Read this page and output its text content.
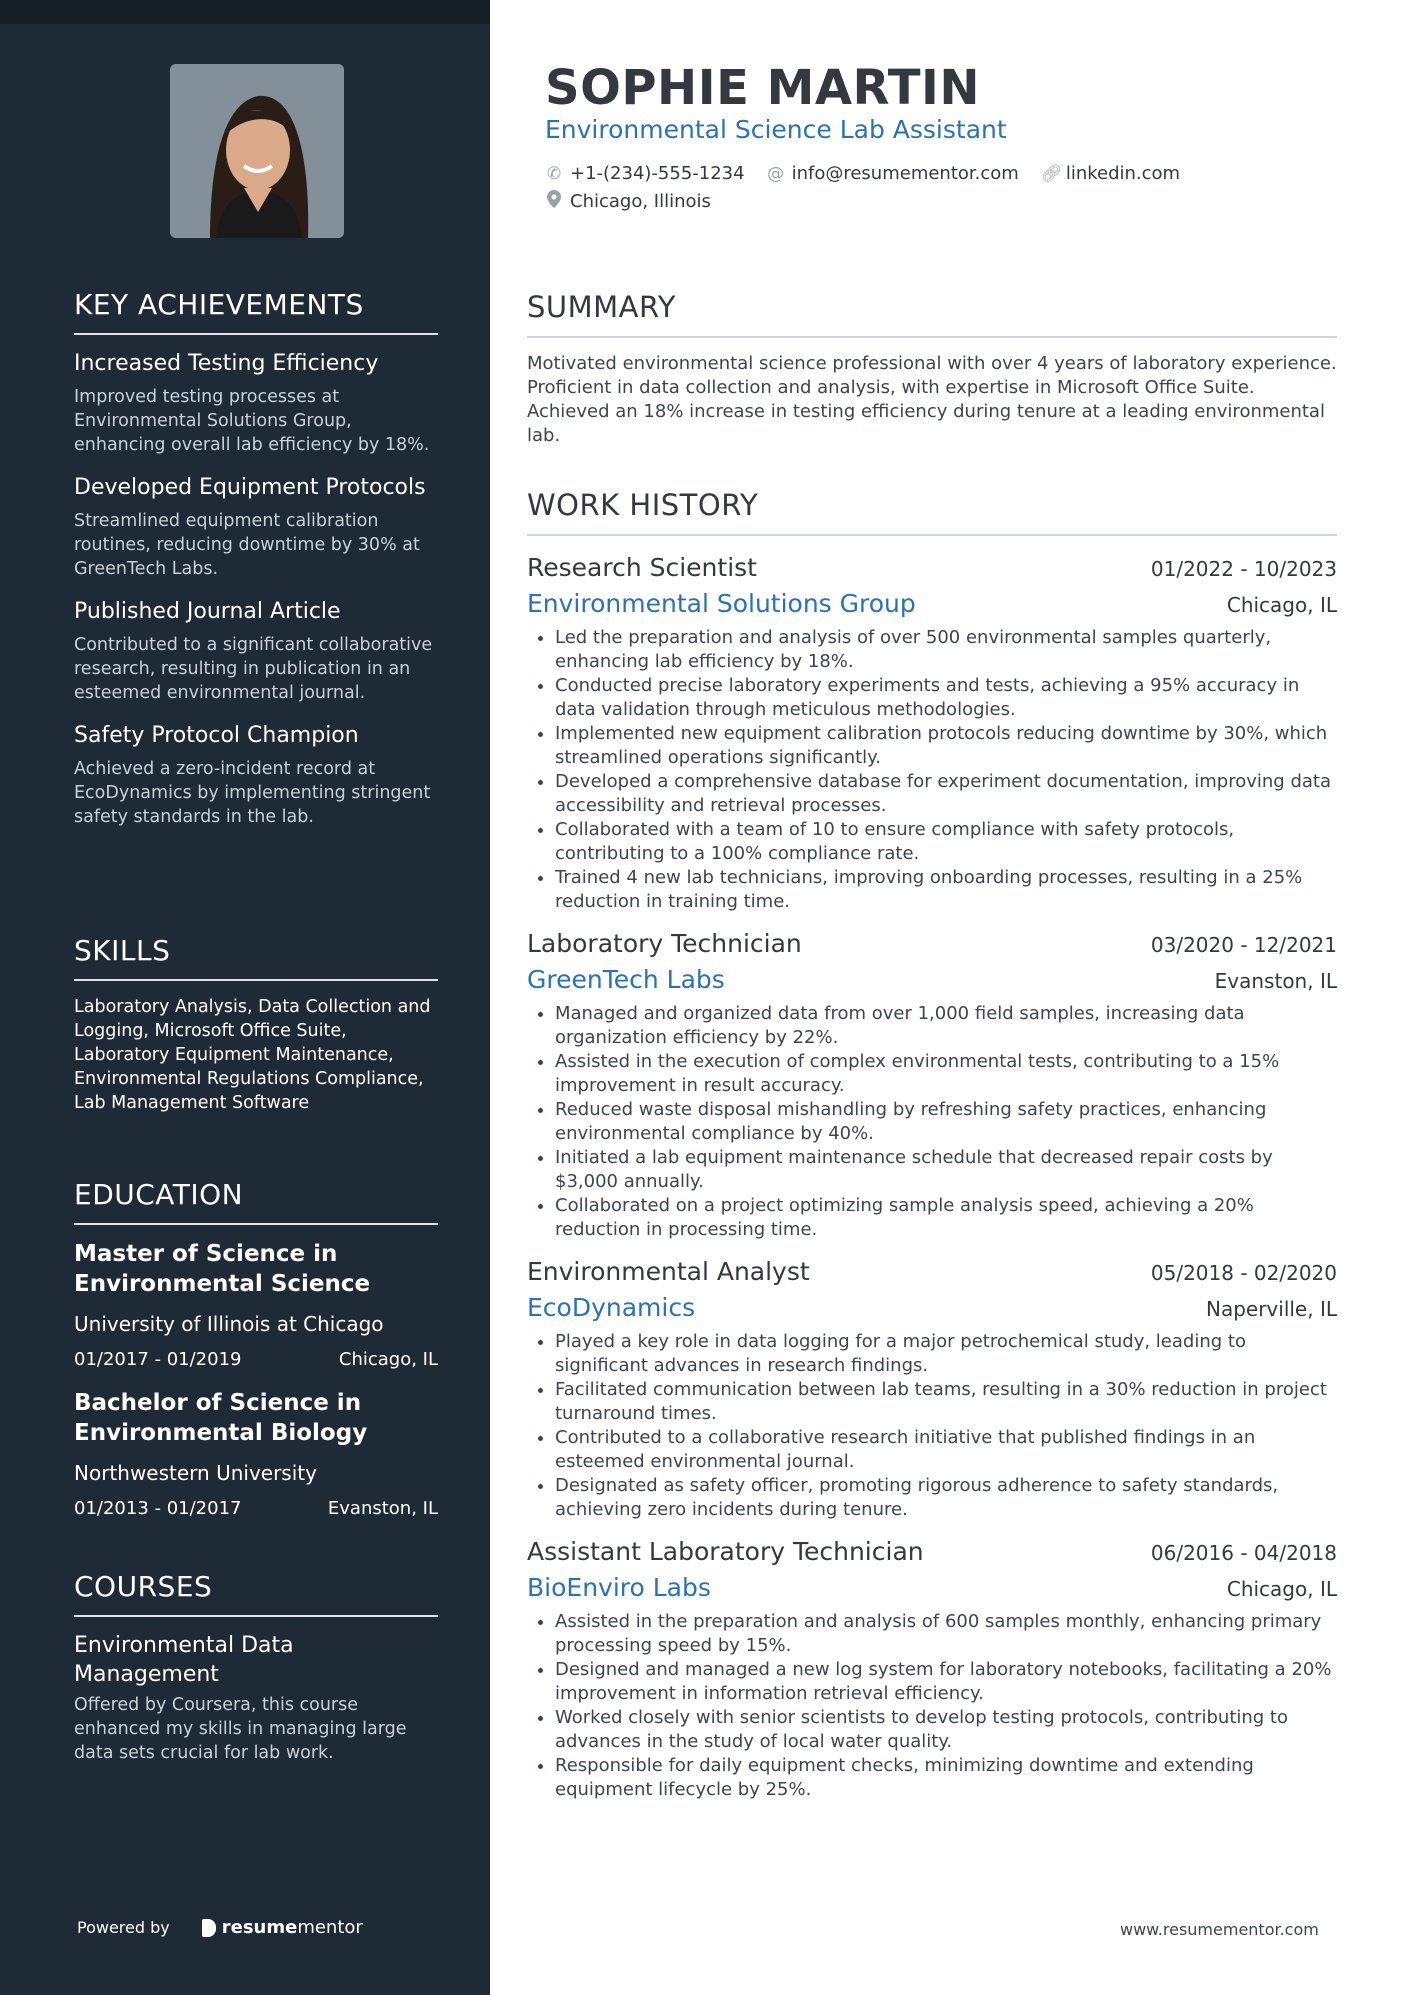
KEY ACHIEVEMENTS
Increased Testing Efficiency
Improved testing processes at Environmental Solutions Group, enhancing overall lab efficiency by 18%.
Developed Equipment Protocols
Streamlined equipment calibration routines, reducing downtime by 30% at GreenTech Labs.
Published Journal Article
Contributed to a significant collaborative research, resulting in publication in an esteemed environmental journal.
Safety Protocol Champion
Achieved a zero-incident record at EcoDynamics by implementing stringent safety standards in the lab.
SKILLS
Laboratory Analysis, Data Collection and Logging, Microsoft Office Suite, Laboratory Equipment Maintenance, Environmental Regulations Compliance, Lab Management Software
EDUCATION
Master of Science in Environmental Science
University of Illinois at Chicago
01/2017 - 01/2019	Chicago, IL
Bachelor of Science in Environmental Biology
Northwestern University
01/2013 - 01/2017	Evanston, IL
COURSES
Environmental Data Management
Offered by Coursera, this course enhanced my skills in managing large data sets crucial for lab work.
Powered by	resume mentor
SOPHIE MARTIN
Environmental Science Lab Assistant
✆ +1-(234)-555-1234 @ info@resumementor.com 🔗︎ linkedin.com
Chicago, Illinois
SUMMARY
Motivated environmental science professional with over 4 years of laboratory experience. Proficient in data collection and analysis, with expertise in Microsoft Office Suite. Achieved an 18% increase in testing efficiency during tenure at a leading environmental lab.
WORK HISTORY
Research Scientist	01/2022 - 10/2023
Environmental Solutions Group	Chicago, IL
• Led the preparation and analysis of over 500 environmental samples quarterly, enhancing lab efficiency by 18%.
• Conducted precise laboratory experiments and tests, achieving a 95% accuracy in data validation through meticulous methodologies.
• Implemented new equipment calibration protocols reducing downtime by 30%, which streamlined operations significantly.
• Developed a comprehensive database for experiment documentation, improving data accessibility and retrieval processes.
• Collaborated with a team of 10 to ensure compliance with safety protocols, contributing to a 100% compliance rate.
• Trained 4 new lab technicians, improving onboarding processes, resulting in a 25% reduction in training time.
Laboratory Technician	03/2020 - 12/2021
GreenTech Labs	Evanston, IL
• Managed and organized data from over 1,000 field samples, increasing data organization efficiency by 22%.
• Assisted in the execution of complex environmental tests, contributing to a 15% improvement in result accuracy.
• Reduced waste disposal mishandling by refreshing safety practices, enhancing environmental compliance by 40%.
• Initiated a lab equipment maintenance schedule that decreased repair costs by $3,000 annually.
• Collaborated on a project optimizing sample analysis speed, achieving a 20% reduction in processing time.
Environmental Analyst	05/2018 - 02/2020
EcoDynamics	Naperville, IL
• Played a key role in data logging for a major petrochemical study, leading to significant advances in research findings.
• Facilitated communication between lab teams, resulting in a 30% reduction in project turnaround times.
• Contributed to a collaborative research initiative that published findings in an esteemed environmental journal.
• Designated as safety officer, promoting rigorous adherence to safety standards, achieving zero incidents during tenure.
Assistant Laboratory Technician	06/2016 - 04/2018
BioEnviro Labs	Chicago, IL
• Assisted in the preparation and analysis of 600 samples monthly, enhancing primary processing speed by 15%.
• Designed and managed a new log system for laboratory notebooks, facilitating a 20% improvement in information retrieval efficiency.
• Worked closely with senior scientists to develop testing protocols, contributing to advances in the study of local water quality.
• Responsible for daily equipment checks, minimizing downtime and extending equipment lifecycle by 25%.
www.resumementor.com
